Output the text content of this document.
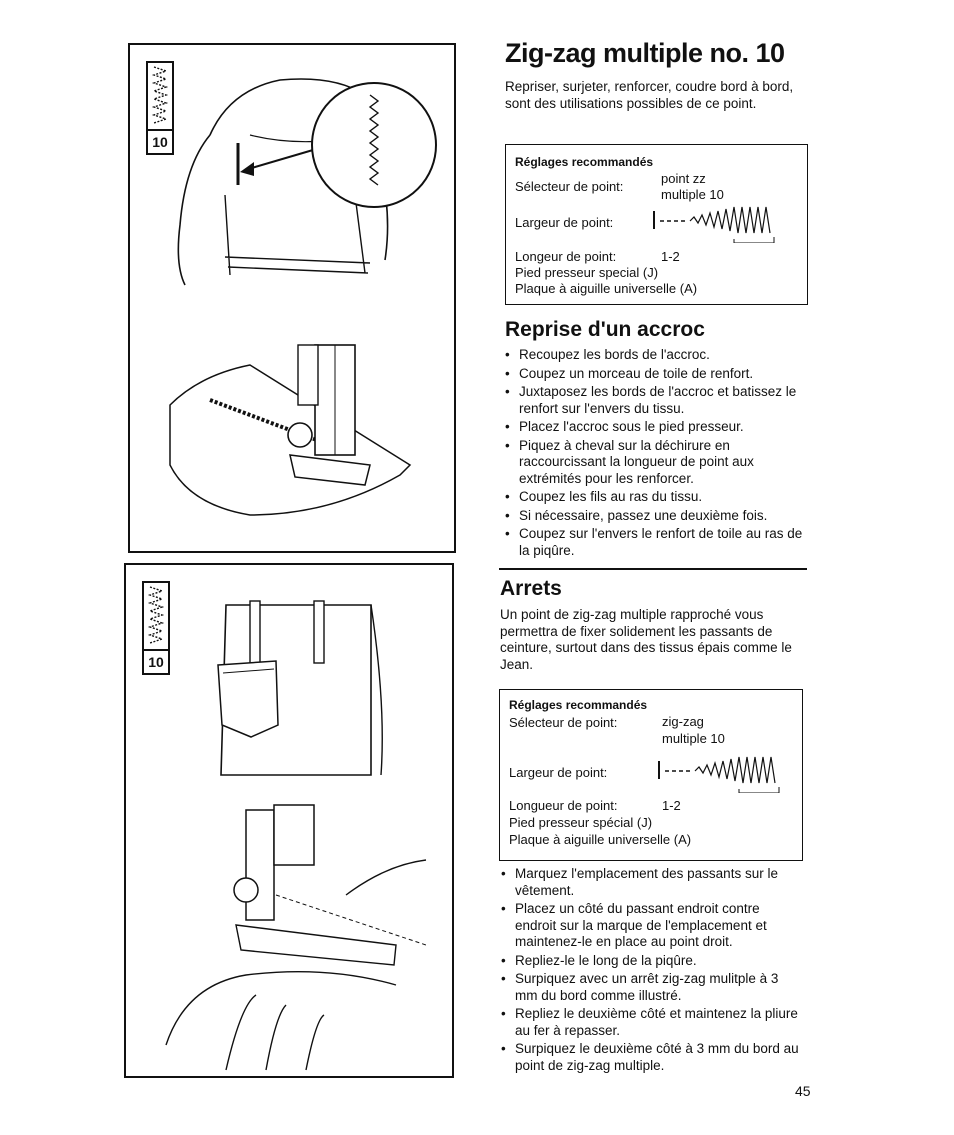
10
10
Zig-zag multiple no. 10

Repriser, surjeter, renforcer, coudre bord à bord, sont des utilisations possibles de ce point.

Réglages recommandés
Sélecteur de point:
point zz
multiple 10
Largeur de point:
Longeur de point:	1-2
Pied presseur special (J)
Plaque à aiguille universelle (A)
Reprise d'un accroc
• Recoupez les bords de l'accroc.
• Coupez un morceau de toile de renfort.
• Juxtaposez les bords de l'accroc et batissez le renfort sur l'envers du tissu.
• Placez l'accroc sous le pied presseur.
• Piquez à cheval sur la déchirure en raccourcissant la longueur de point aux extrémités pour les renforcer.
• Coupez les fils au ras du tissu.
• Si nécessaire, passez une deuxième fois.
• Coupez sur l'envers le renfort de toile au ras de la piqûre.
Arrets

Un point de zig-zag multiple rapproché vous permettra de fixer solidement les passants de ceinture, surtout dans des tissus épais comme le Jean.

Réglages recommandés
Sélecteur de point:	zig-zag
multiple 10
Largeur de point:
Longueur de point:	1-2
Pied presseur spécial (J)
Plaque à aiguille universelle (A)
• Marquez l'emplacement des passants sur le vêtement.
• Placez un côté du passant endroit contre endroit sur la marque de l'emplacement et maintenez-le en place au point droit.
• Repliez-le le long de la piqûre.
• Surpiquez avec un arrêt zig-zag mulitple à 3 mm du bord comme illustré.
• Repliez le deuxième côté et maintenez la pliure au fer à repasser.
• Surpiquez le deuxième côté à 3 mm du bord au point de zig-zag multiple.
45
